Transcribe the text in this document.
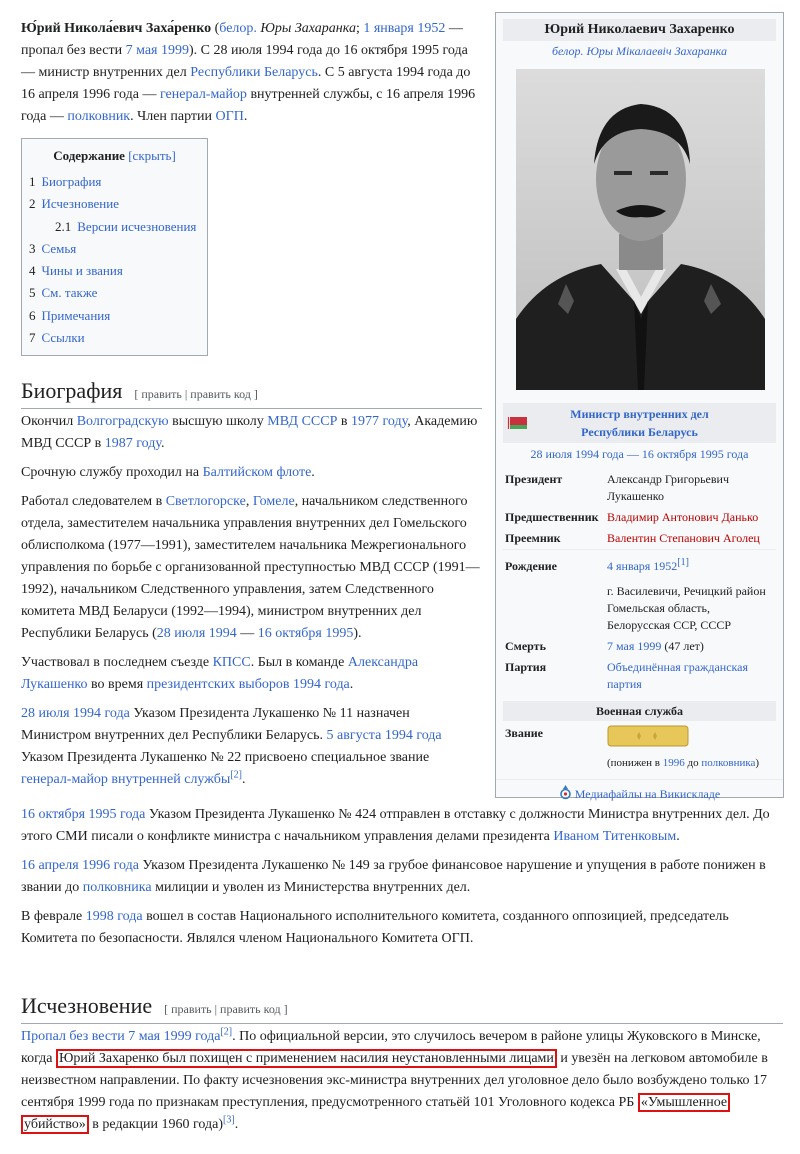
Ю́рий Никола́евич Заха́ренко (белор. Юры Захаранка; 1 января 1952 — пропал без вести 7 мая 1999). С 28 июля 1994 года до 16 октября 1995 года — министр внутренних дел Республики Беларусь. С 5 августа 1994 года до 16 апреля 1996 года — генерал-майор внутренней службы, с 16 апреля 1996 года — полковник. Член партии ОГП.

Содержание [скрыть]
1 Биография
2 Исчезновение
2.1 Версии исчезновения
3 Семья
4 Чины и звания
5 См. также
6 Примечания
7 Ссылки
Биография [ править | править код ]

Окончил Волгоградскую высшую школу МВД СССР в 1977 году, Академию МВД СССР в 1987 году.

Срочную службу проходил на Балтийском флоте.

Работал следователем в Светлогорске, Гомеле, начальником следственного отдела, заместителем начальника управления внутренних дел Гомельского облисполкома (1977—1991), заместителем начальника Межрегионального управления по борьбе с организованной преступностью МВД СССР (1991—1992), начальником Следственного управления, затем Следственного комитета МВД Беларуси (1992—1994), министром внутренних дел Республики Беларусь (28 июля 1994 — 16 октября 1995).

Участвовал в последнем съезде КПСС. Был в команде Александра Лукашенко во время президентских выборов 1994 года.

28 июля 1994 года Указом Президента Лукашенко № 11 назначен Министром внутренних дел Республики Беларусь. 5 августа 1994 года Указом Президента Лукашенко № 22 присвоено специальное звание генерал-майор внутренней службы[2].

16 октября 1995 года Указом Президента Лукашенко № 424 отправлен в отставку с должности Министра внутренних дел. До этого СМИ писали о конфликте министра с начальником управления делами президента Иваном Титенковым.

16 апреля 1996 года Указом Президента Лукашенко № 149 за грубое финансовое нарушение и упущения в работе понижен в звании до полковника милиции и уволен из Министерства внутренних дел.

В феврале 1998 года вошел в состав Национального исполнительного комитета, созданного оппозицией, председатель Комитета по безопасности. Являлся членом Национального Комитета ОГП.

Исчезновение [ править | править код ]

Пропал без вести 7 мая 1999 года[2]. По официальной версии, это случилось вечером в районе улицы Жуковского в Минске, когда Юрий Захаренко был похищен с применением насилия неустановленными лицами и увезён на легковом автомобиле в неизвестном направлении. По факту исчезновения экс-министра внутренних дел уголовное дело было возбуждено только 17 сентября 1999 года по признакам преступления, предусмотренного статьёй 101 Уголовного кодекса РБ «Умышленное убийство» в редакции 1960 года)[3].

Юрий Николаевич Захаренко
белор. Юры Мікалаевіч Захаранка
Министр внутренних дел
Республики Беларусь
28 июля 1994 года — 16 октября 1995 года
Президент	Александр Григорьевич Лукашенко
Предшественник	Владимир Антонович Данько
Преемник	Валентин Степанович Аголец

Рождение	4 января 1952[1]
г. Василевичи, Речицкий район Гомельская область, Белорусская ССР, СССР

Смерть	7 мая 1999 (47 лет)
Партия	Объединённая гражданская партия
Военная служба
Звание	
(понижен в 1996 до полковника)
Медиафайлы на Викискладе
